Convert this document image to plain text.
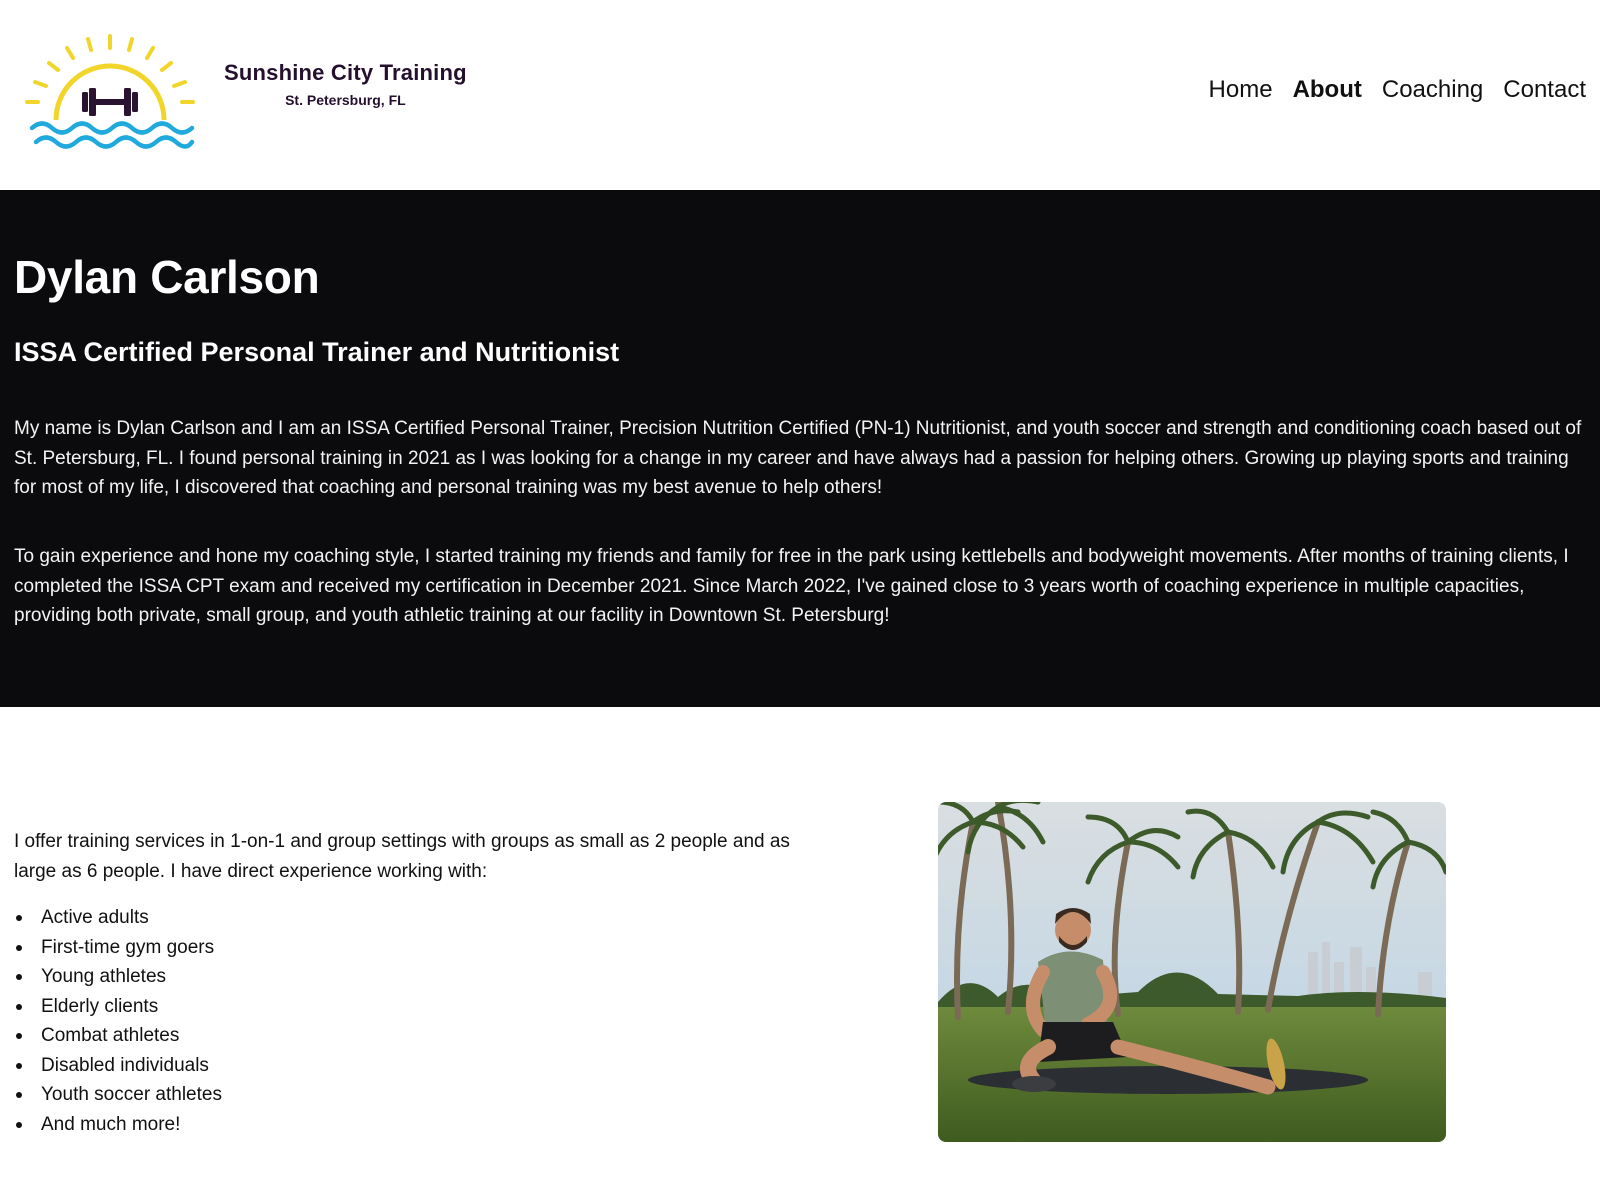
Sunshine City Training
St. Petersburg, FL	Home About Coaching Contact
Dylan Carlson
ISSA Certified Personal Trainer and Nutritionist

My name is Dylan Carlson and I am an ISSA Certified Personal Trainer, Precision Nutrition Certified (PN-1) Nutritionist, and youth soccer and strength and conditioning coach based out of St. Petersburg, FL. I found personal training in 2021 as I was looking for a change in my career and have always had a passion for helping others. Growing up playing sports and training for most of my life, I discovered that coaching and personal training was my best avenue to help others!

To gain experience and hone my coaching style, I started training my friends and family for free in the park using kettlebells and bodyweight movements. After months of training clients, I completed the ISSA CPT exam and received my certification in December 2021. Since March 2022, I've gained close to 3 years worth of coaching experience in multiple capacities, providing both private, small group, and youth athletic training at our facility in Downtown St. Petersburg!

I offer training services in 1-on-1 and group settings with groups as small as 2 people and as large as 6 people. I have direct experience working with:

Active adults
First-time gym goers
Young athletes
Elderly clients
Combat athletes
Disabled individuals
Youth soccer athletes
And much more!
